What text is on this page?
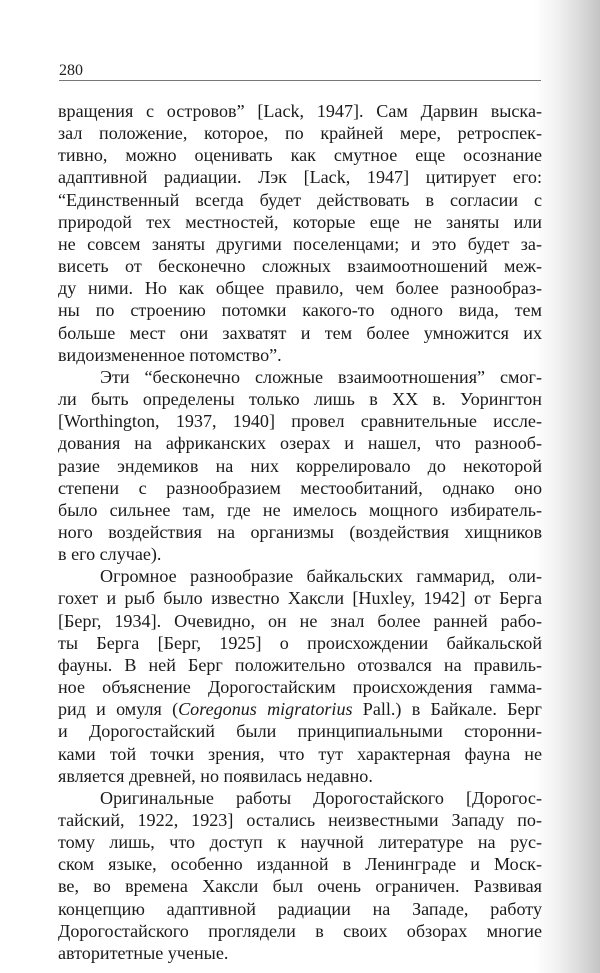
280

вращения с островов” [Lack, 1947]. Сам Дарвин выска-
зал положение, которое, по крайней мере, ретроспек-
тивно, можно оценивать как смутное еще осознание
адаптивной радиации. Лэк [Lack, 1947] цитирует его:
“Единственный всегда будет действовать в согласии с
природой тех местностей, которые еще не заняты или
не совсем заняты другими поселенцами; и это будет за-
висеть от бесконечно сложных взаимоотношений меж-
ду ними. Но как общее правило, чем более разнообраз-
ны по строению потомки какого-то одного вида, тем
больше мест они захватят и тем более умножится их
видоизмененное потомство”.

Эти “бесконечно сложные взаимоотношения” смог-
ли быть определены только лишь в XX в. Уорингтон
[Worthington, 1937, 1940] провел сравнительные иссле-
дования на африканских озерах и нашел, что разнооб-
разие эндемиков на них коррелировало до некоторой
степени с разнообразием местообитаний, однако оно
было сильнее там, где не имелось мощного избиратель-
ного воздействия на организмы (воздействия хищников
в его случае).

Огромное разнообразие байкальских гаммарид, оли-
гохет и рыб было известно Хаксли [Huxley, 1942] от Берга
[Берг, 1934]. Очевидно, он не знал более ранней рабо-
ты Берга [Берг, 1925] о происхождении байкальской
фауны. В ней Берг положительно отозвался на правиль-
ное объяснение Дорогостайским происхождения гамма-
рид и омуля (Coregonus migratorius Pall.) в Байкале. Берг
и Дорогостайский были принципиальными сторонни-
ками той точки зрения, что тут характерная фауна не
является древней, но появилась недавно.

Оригинальные работы Дорогостайского [Дорогос-
тайский, 1922, 1923] остались неизвестными Западу по-
тому лишь, что доступ к научной литературе на рус-
ском языке, особенно изданной в Ленинграде и Моск-
ве, во времена Хаксли был очень ограничен. Развивая
концепцию адаптивной радиации на Западе, работу
Дорогостайского проглядели в своих обзорах многие
авторитетные ученые.
